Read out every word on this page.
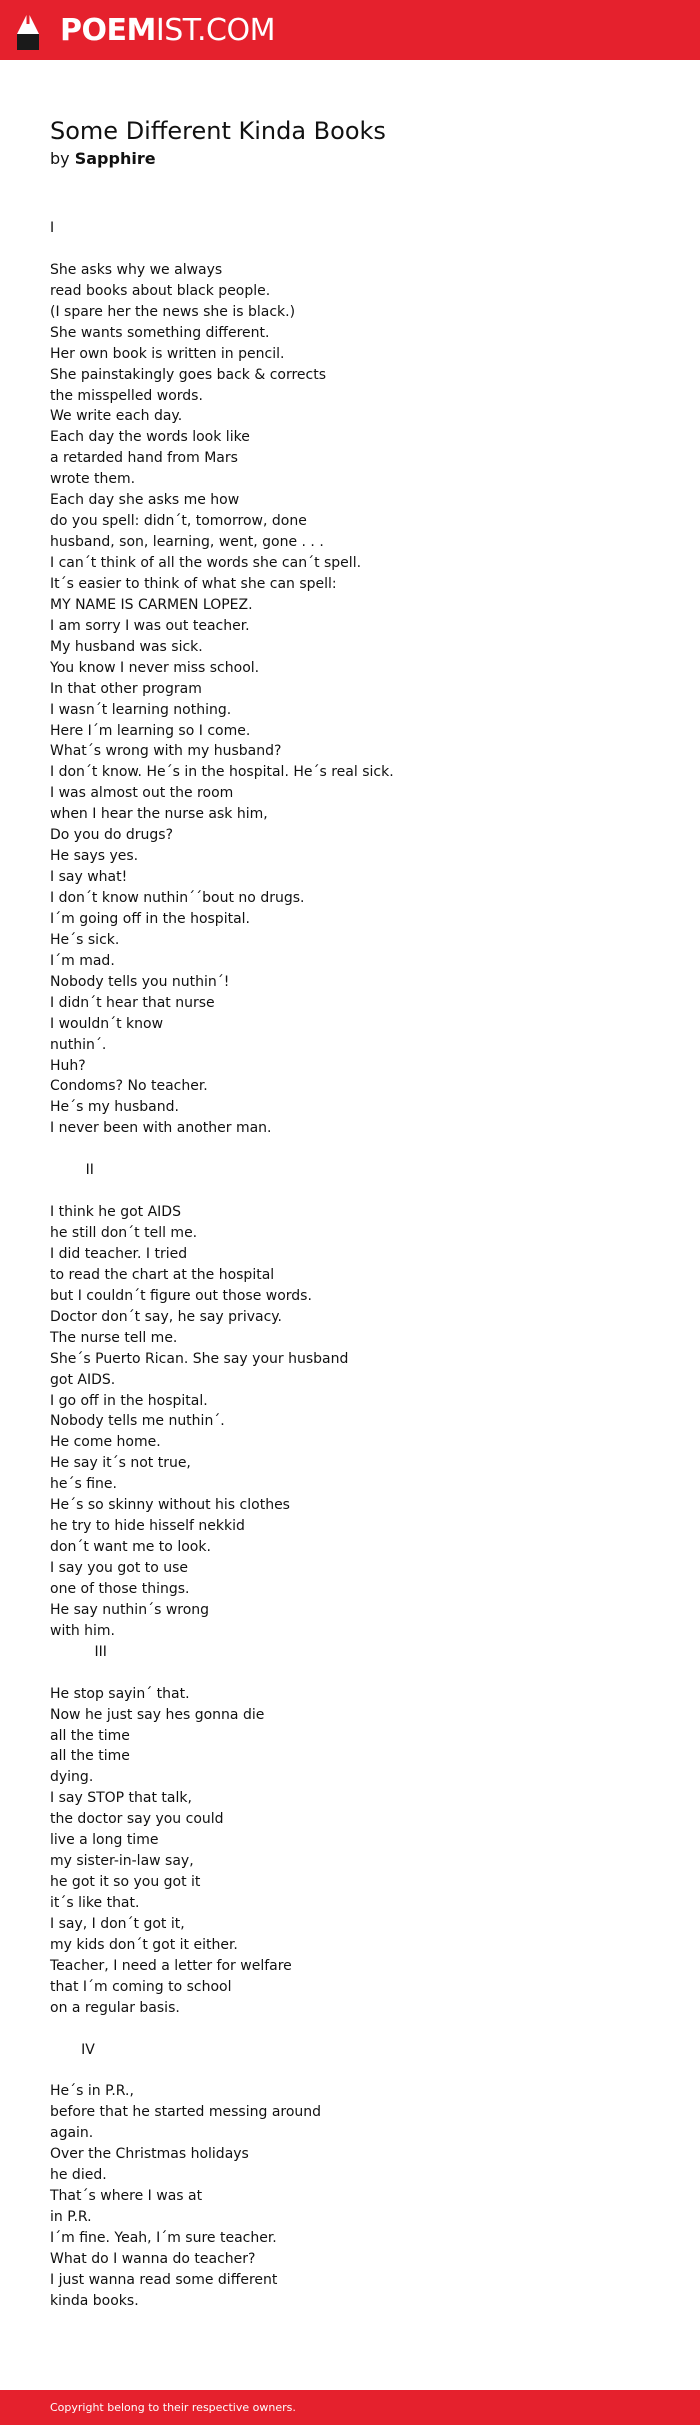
POEMIST.COM
Some Different Kinda Books
by Sapphire
I
She asks why we always
read books about black people.
(I spare her the news she is black.)
She wants something different.
Her own book is written in pencil.
She painstakingly goes back & corrects
the misspelled words.
We write each day.
Each day the words look like
a retarded hand from Mars
wrote them.
Each day she asks me how
do you spell: didn´t, tomorrow, done
husband, son, learning, went, gone . . .
I can´t think of all the words she can´t spell.
It´s easier to think of what she can spell:
MY NAME IS CARMEN LOPEZ.
I am sorry I was out teacher.
My husband was sick.
You know I never miss school.
In that other program
I wasn´t learning nothing.
Here I´m learning so I come.
What´s wrong with my husband?
I don´t know. He´s in the hospital. He´s real sick.
I was almost out the room
when I hear the nurse ask him,
Do you do drugs?
He says yes.
I say what!
I don´t know nuthin´´bout no drugs.
I´m going off in the hospital.
He´s sick.
I´m mad.
Nobody tells you nuthin´!
I didn´t hear that nurse
I wouldn´t know
nuthin´.
Huh?
Condoms? No teacher.
He´s my husband.
I never been with another man.
II
I think he got AIDS
he still don´t tell me.
I did teacher. I tried
to read the chart at the hospital
but I couldn´t figure out those words.
Doctor don´t say, he say privacy.
The nurse tell me.
She´s Puerto Rican. She say your husband
got AIDS.
I go off in the hospital.
Nobody tells me nuthin´.
He come home.
He say it´s not true,
he´s fine.
He´s so skinny without his clothes
he try to hide hisself nekkid
don´t want me to look.
I say you got to use
one of those things.
He say nuthin´s wrong
with him.
III
He stop sayin´ that.
Now he just say hes gonna die
all the time
all the time
dying.
I say STOP that talk,
the doctor say you could
live a long time
my sister-in-law say,
he got it so you got it
it´s like that.
I say, I don´t got it,
my kids don´t got it either.
Teacher, I need a letter for welfare
that I´m coming to school
on a regular basis.
IV
He´s in P.R.,
before that he started messing around
again.
Over the Christmas holidays
he died.
That´s where I was at
in P.R.
I´m fine. Yeah, I´m sure teacher.
What do I wanna do teacher?
I just wanna read some different
kinda books.
Copyright belong to their respective owners.
